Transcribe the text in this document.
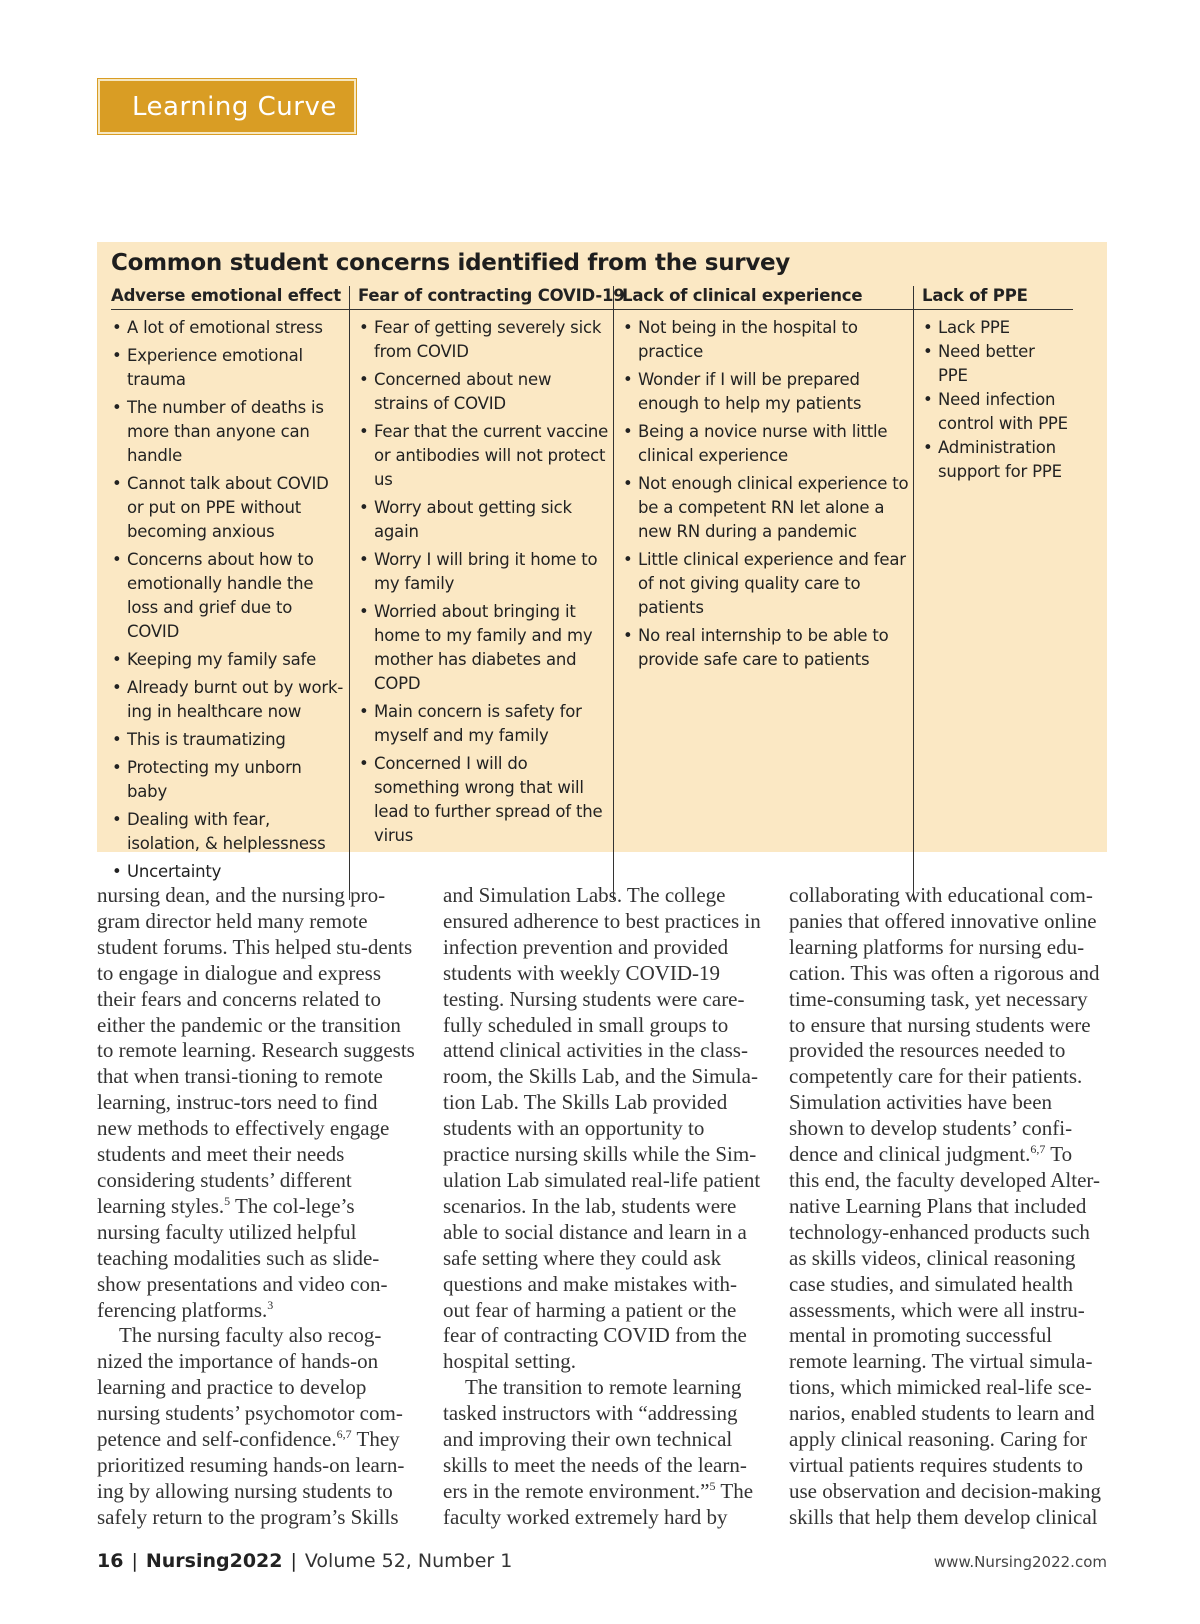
Learning Curve
Common student concerns identified from the survey
Adverse emotional effect
• A lot of emotional stress
• Experience emotional trauma
• The number of deaths is more than anyone can handle
• Cannot talk about COVID or put on PPE without becoming anxious
• Concerns about how to emotionally handle the loss and grief due to COVID
• Keeping my family safe
• Already burnt out by work-ing in healthcare now
• This is traumatizing
• Protecting my unborn baby
• Dealing with fear, isolation, & helplessness
• Uncertainty
Fear of contracting COVID-19
• Fear of getting severely sick from COVID
• Concerned about new strains of COVID
• Fear that the current vaccine or antibodies will not protect us
• Worry about getting sick again
• Worry I will bring it home to my family
• Worried about bringing it home to my family and my mother has diabetes and COPD
• Main concern is safety for myself and my family
• Concerned I will do something wrong that will lead to further spread of the virus
Lack of clinical experience
• Not being in the hospital to practice
• Wonder if I will be prepared enough to help my patients
• Being a novice nurse with little clinical experience
• Not enough clinical experience to be a competent RN let alone a new RN during a pandemic
• Little clinical experience and fear of not giving quality care to patients
• No real internship to be able to provide safe care to patients
Lack of PPE
• Lack PPE
• Need better PPE
• Need infection control with PPE
• Administration support for PPE

nursing dean, and the nursing pro-gram director held many remote student forums. This helped stu-dents to engage in dialogue and express their fears and concerns related to either the pandemic or the transition to remote learning. Research suggests that when transi-tioning to remote learning, instruc-tors need to find new methods to effectively engage students and meet their needs considering students’ different learning styles.$^5$ The col-lege’s nursing faculty utilized helpful teaching modalities such as slide-show presentations and video con-ferencing platforms.$^3$

The nursing faculty also recog-nized the importance of hands-on learning and practice to develop nursing students’ psychomotor com-petence and self-confidence.$^{6,7}$ They prioritized resuming hands-on learn-ing by allowing nursing students to safely return to the program’s Skills

and Simulation Labs. The college ensured adherence to best practices in infection prevention and provided students with weekly COVID-19 testing. Nursing students were care-fully scheduled in small groups to attend clinical activities in the class-room, the Skills Lab, and the Simula-tion Lab. The Skills Lab provided students with an opportunity to practice nursing skills while the Sim-ulation Lab simulated real-life patient scenarios. In the lab, students were able to social distance and learn in a safe setting where they could ask questions and make mistakes with-out fear of harming a patient or the fear of contracting COVID from the hospital setting.

The transition to remote learning tasked instructors with “addressing and improving their own technical skills to meet the needs of the learn-ers in the remote environment.”$^5$ The faculty worked extremely hard by

collaborating with educational com-panies that offered innovative online learning platforms for nursing edu-cation. This was often a rigorous and time-consuming task, yet necessary to ensure that nursing students were provided the resources needed to competently care for their patients. Simulation activities have been shown to develop students’ confi-dence and clinical judgment.$^{6,7}$ To this end, the faculty developed Alter-native Learning Plans that included technology-enhanced products such as skills videos, clinical reasoning case studies, and simulated health assessments, which were all instru-mental in promoting successful remote learning. The virtual simula-tions, which mimicked real-life sce-narios, enabled students to learn and apply clinical reasoning. Caring for virtual patients requires students to use observation and decision-making skills that help them develop clinical

16 | Nursing2022 | Volume 52, Number 1	www.Nursing2022.com
